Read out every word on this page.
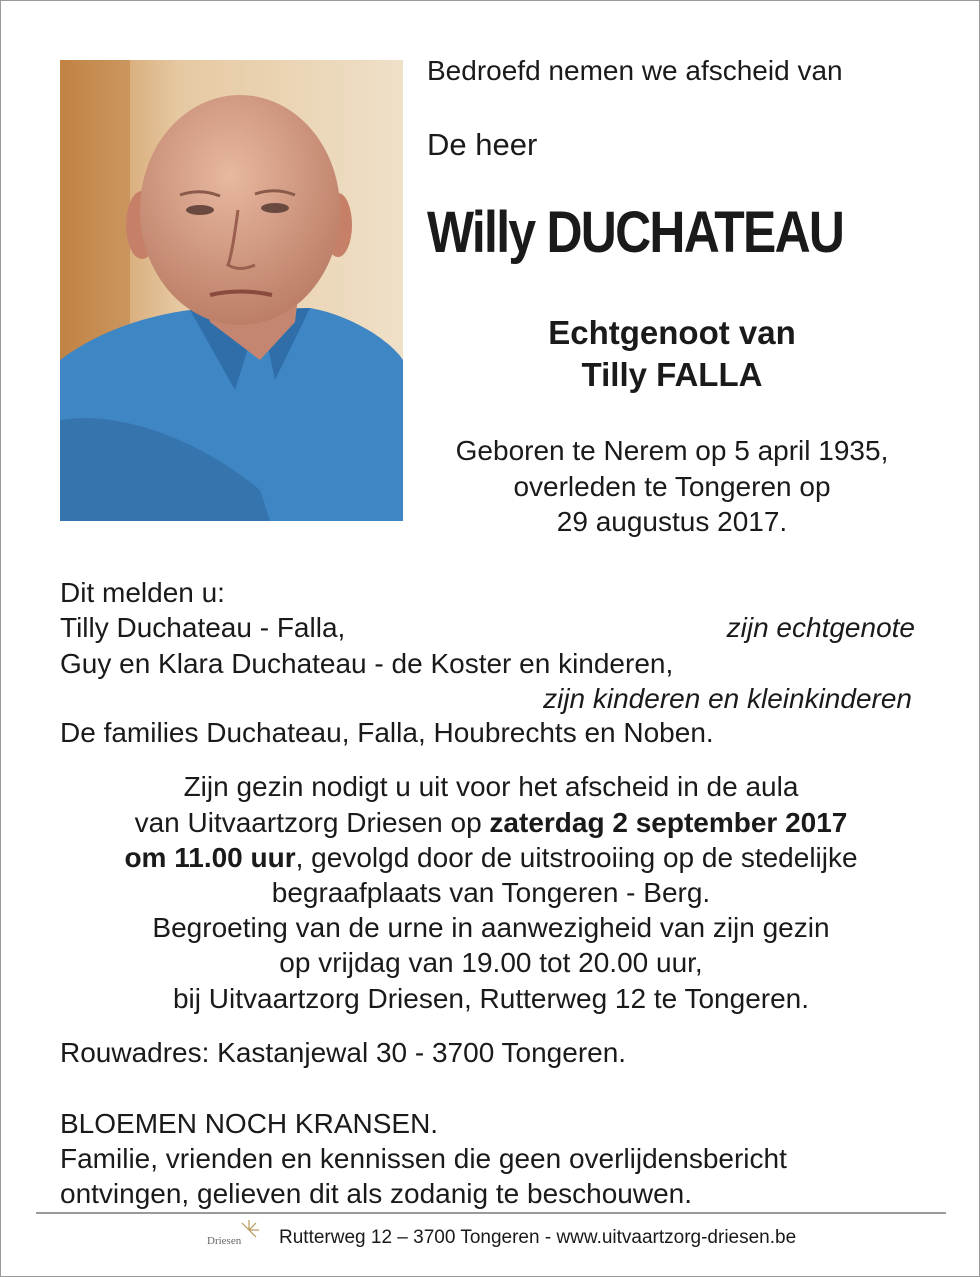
Bedroefd nemen we afscheid van
De heer
Willy DUCHATEAU
Echtgenoot van
Tilly FALLA
Geboren te Nerem op 5 april 1935,
overleden te Tongeren op
29 augustus 2017.
Dit melden u:
Tilly Duchateau - Falla,	zijn echtgenote
Guy en Klara Duchateau - de Koster en kinderen,
zijn kinderen en kleinkinderen
De families Duchateau, Falla, Houbrechts en Noben.
Zijn gezin nodigt u uit voor het afscheid in de aula
van Uitvaartzorg Driesen op zaterdag 2 september 2017
om 11.00 uur, gevolgd door de uitstrooiing op de stedelijke
begraafplaats van Tongeren - Berg.
Begroeting van de urne in aanwezigheid van zijn gezin
op vrijdag van 19.00 tot 20.00 uur,
bij Uitvaartzorg Driesen, Rutterweg 12 te Tongeren.
Rouwadres: Kastanjewal 30 - 3700 Tongeren.
BLOEMEN NOCH KRANSEN.
Familie, vrienden en kennissen die geen overlijdensbericht
ontvingen, gelieven dit als zodanig te beschouwen.
Driesen Rutterweg 12 – 3700 Tongeren - www.uitvaartzorg-driesen.be
